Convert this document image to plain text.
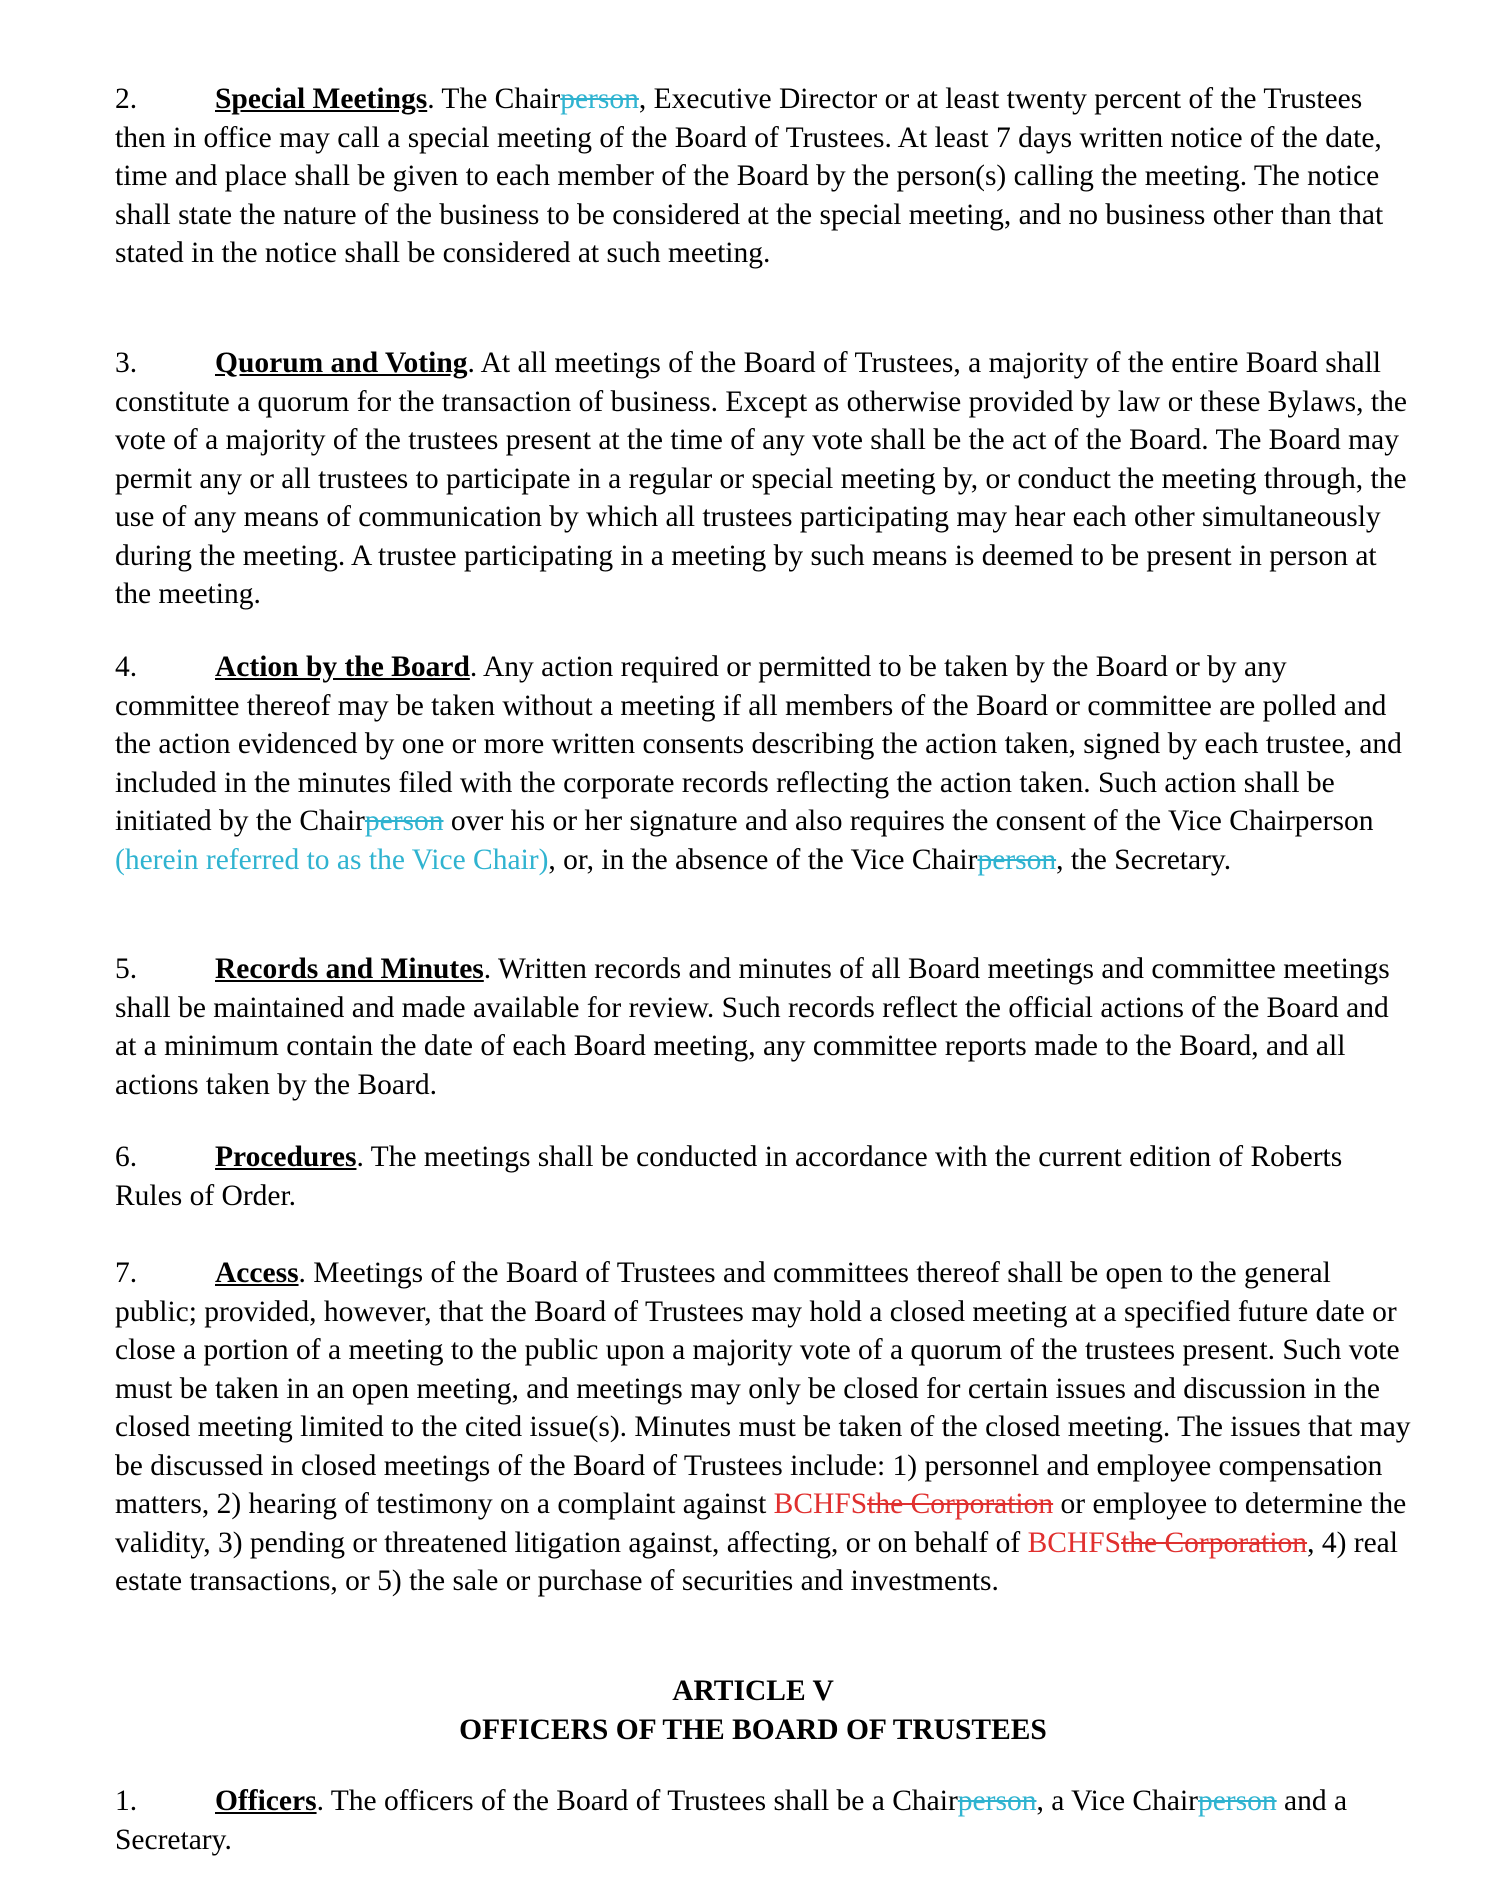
2.	Special Meetings. The Chairperson, Executive Director or at least twenty percent of the Trustees then in office may call a special meeting of the Board of Trustees. At least 7 days written notice of the date, time and place shall be given to each member of the Board by the person(s) calling the meeting. The notice shall state the nature of the business to be considered at the special meeting, and no business other than that stated in the notice shall be considered at such meeting.
3.	Quorum and Voting. At all meetings of the Board of Trustees, a majority of the entire Board shall constitute a quorum for the transaction of business. Except as otherwise provided by law or these Bylaws, the vote of a majority of the trustees present at the time of any vote shall be the act of the Board. The Board may permit any or all trustees to participate in a regular or special meeting by, or conduct the meeting through, the use of any means of communication by which all trustees participating may hear each other simultaneously during the meeting. A trustee participating in a meeting by such means is deemed to be present in person at the meeting.
4.	Action by the Board. Any action required or permitted to be taken by the Board or by any committee thereof may be taken without a meeting if all members of the Board or committee are polled and the action evidenced by one or more written consents describing the action taken, signed by each trustee, and included in the minutes filed with the corporate records reflecting the action taken. Such action shall be initiated by the Chairperson over his or her signature and also requires the consent of the Vice Chairperson (herein referred to as the Vice Chair), or, in the absence of the Vice Chairperson, the Secretary.
5.	Records and Minutes. Written records and minutes of all Board meetings and committee meetings shall be maintained and made available for review. Such records reflect the official actions of the Board and at a minimum contain the date of each Board meeting, any committee reports made to the Board, and all actions taken by the Board.
6.	Procedures. The meetings shall be conducted in accordance with the current edition of Roberts Rules of Order.
7.	Access. Meetings of the Board of Trustees and committees thereof shall be open to the general public; provided, however, that the Board of Trustees may hold a closed meeting at a specified future date or close a portion of a meeting to the public upon a majority vote of a quorum of the trustees present. Such vote must be taken in an open meeting, and meetings may only be closed for certain issues and discussion in the closed meeting limited to the cited issue(s). Minutes must be taken of the closed meeting. The issues that may be discussed in closed meetings of the Board of Trustees include: 1) personnel and employee compensation matters, 2) hearing of testimony on a complaint against BCHFSthe Corporation or employee to determine the validity, 3) pending or threatened litigation against, affecting, or on behalf of BCHFSthe Corporation, 4) real estate transactions, or 5) the sale or purchase of securities and investments.
ARTICLE V
OFFICERS OF THE BOARD OF TRUSTEES
1.	Officers. The officers of the Board of Trustees shall be a Chairperson, a Vice Chairperson and a Secretary.
